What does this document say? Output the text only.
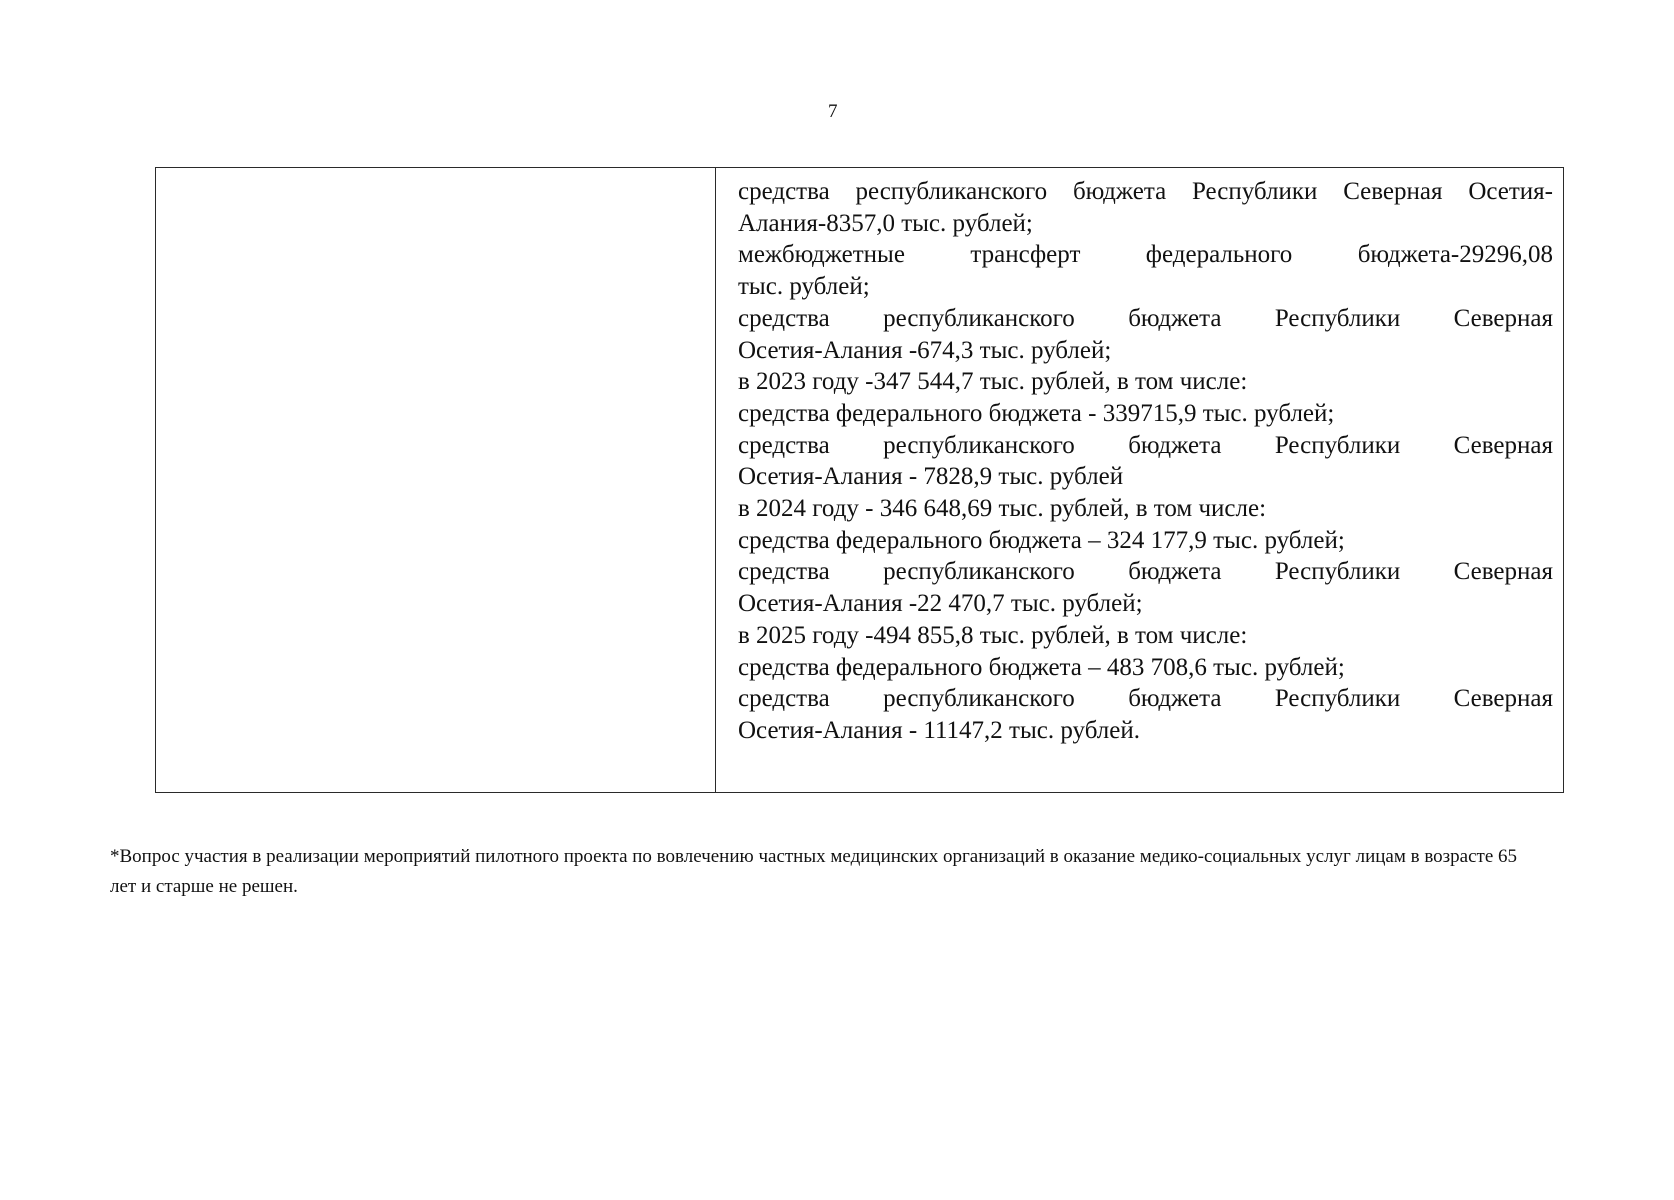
7

средства республиканского бюджета Республики Северная Осетия-

Алания-8357,0 тыс. рублей;

межбюджетные трансферт федерального бюджета-29296,08

тыс. рублей;

средства республиканского бюджета Республики Северная

Осетия-Алания -674,3 тыс. рублей;

в 2023 году -347 544,7 тыс. рублей, в том числе:

средства федерального бюджета - 339715,9 тыс. рублей;

средства республиканского бюджета Республики Северная

Осетия-Алания - 7828,9 тыс. рублей

в 2024 году - 346 648,69 тыс. рублей, в том числе:

средства федерального бюджета – 324 177,9 тыс. рублей;

средства республиканского бюджета Республики Северная

Осетия-Алания -22 470,7 тыс. рублей;

в 2025 году -494 855,8 тыс. рублей, в том числе:

средства федерального бюджета – 483 708,6 тыс. рублей;

средства республиканского бюджета Республики Северная

Осетия-Алания - 11147,2 тыс. рублей.

*Вопрос участия в реализации мероприятий пилотного проекта по вовлечению частных медицинских организаций в оказание медико-социальных услуг лицам в возрасте 65 лет и старше не решен.
